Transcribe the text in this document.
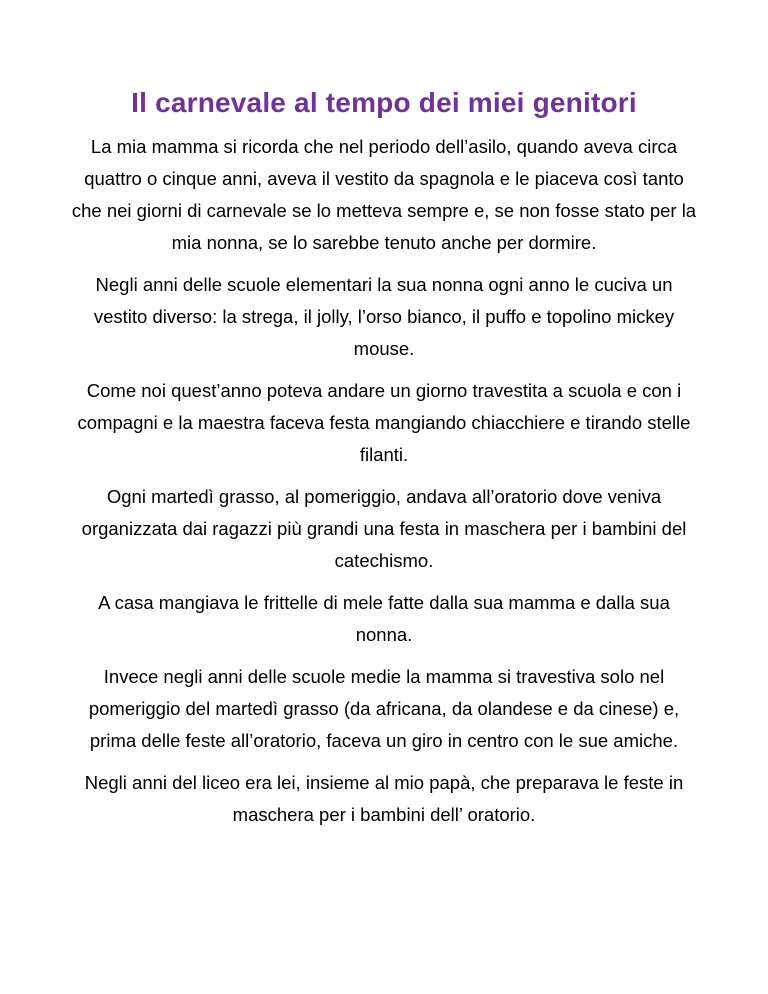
Il carnevale al tempo dei miei genitori

La mia mamma si ricorda che nel periodo dell’asilo, quando aveva circa quattro o cinque anni, aveva il vestito da spagnola e le piaceva così tanto che nei giorni di carnevale se lo metteva sempre e, se non fosse stato per la mia nonna, se lo sarebbe tenuto anche per dormire.

Negli anni delle scuole elementari la sua nonna ogni anno le cuciva un vestito diverso: la strega, il jolly, l’orso bianco, il puffo e topolino mickey mouse.

Come noi quest’anno poteva andare un giorno travestita a scuola e con i compagni e la maestra faceva festa mangiando chiacchiere e tirando stelle filanti.

Ogni martedì grasso, al pomeriggio, andava all’oratorio dove veniva organizzata dai ragazzi più grandi una festa in maschera per i bambini del catechismo.

A casa mangiava le frittelle di mele fatte dalla sua mamma e dalla sua nonna.

Invece negli anni delle scuole medie la mamma si travestiva solo nel pomeriggio del martedì grasso (da africana, da olandese e da cinese) e, prima delle feste all’oratorio, faceva un giro in centro con le sue amiche.

Negli anni del liceo era lei, insieme al mio papà, che preparava le feste in maschera per i bambini dell’ oratorio.
